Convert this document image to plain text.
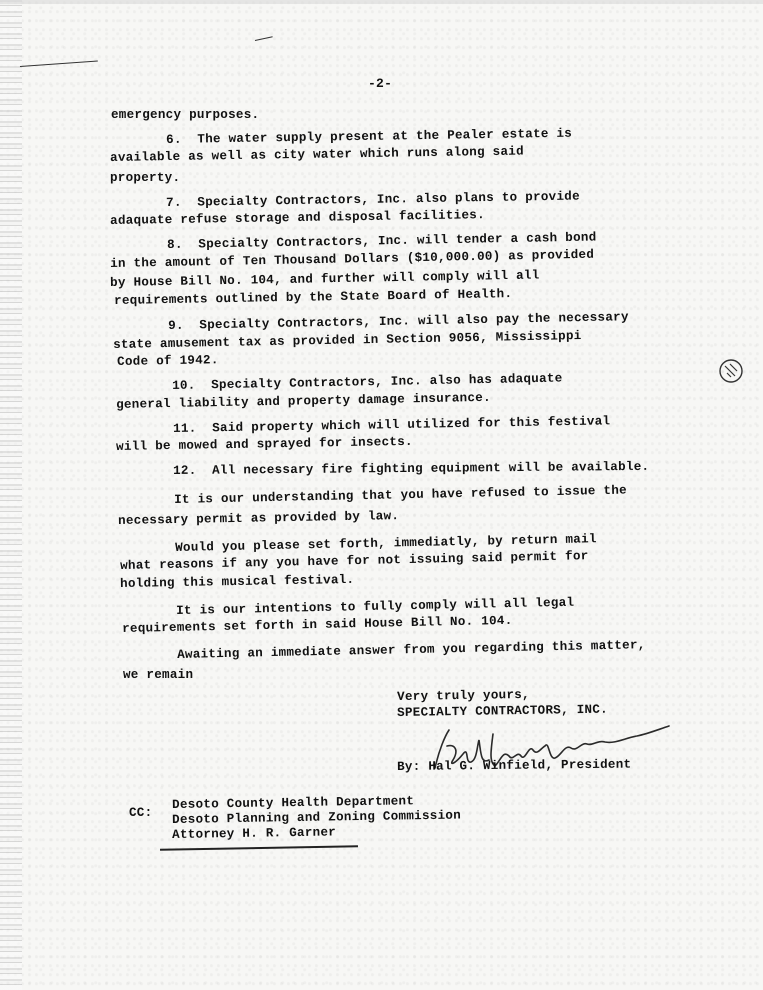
-2-
emergency purposes.
6.  The water supply present at the Pealer estate is
available as well as city water which runs along said
property.
7.  Specialty Contractors, Inc. also plans to provide
adaquate refuse storage and disposal facilities.
8.  Specialty Contractors, Inc. will tender a cash bond
in the amount of Ten Thousand Dollars ($10,000.00) as provided
by House Bill No. 104, and further will comply will all
requirements outlined by the State Board of Health.
9.  Specialty Contractors, Inc. will also pay the necessary
state amusement tax as provided in Section 9056, Mississippi
Code of 1942.
10.  Specialty Contractors, Inc. also has adaquate
general liability and property damage insurance.
11.  Said property which will utilized for this festival
will be mowed and sprayed for insects.
12.  All necessary fire fighting equipment will be available.
It is our understanding that you have refused to issue the
necessary permit as provided by law.
Would you please set forth, immediatly, by return mail
what reasons if any you have for not issuing said permit for
holding this musical festival.
It is our intentions to fully comply will all legal
requirements set forth in said House Bill No. 104.
Awaiting an immediate answer from you regarding this matter,
we remain
Very truly yours,
SPECIALTY CONTRACTORS, INC.
By: Hal G. Winfield, President
CC:
Desoto County Health Department
Desoto Planning and Zoning Commission
Attorney H. R. Garner
